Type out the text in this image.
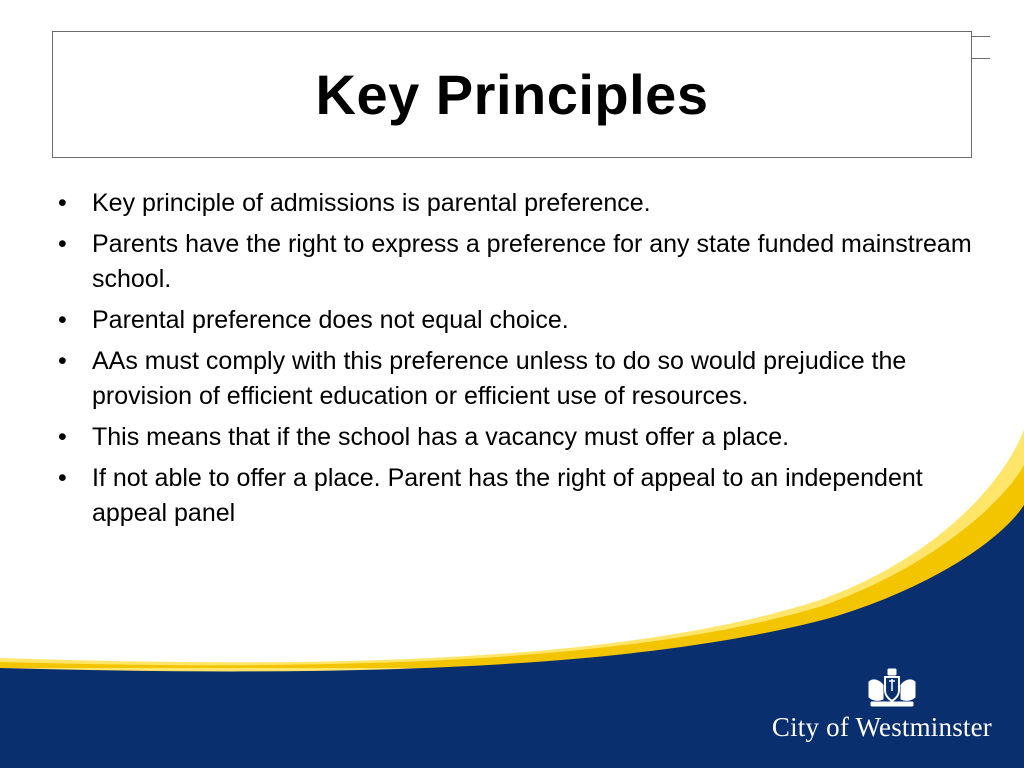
Key Principles
• Key principle of admissions is parental preference.
• Parents have the right to express a preference for any state funded mainstream school.
• Parental preference does not equal choice.
• AAs must comply with this preference unless to do so would prejudice the provision of efficient education or efficient use of resources.
• This means that if the school has a vacancy must offer a place.
• If not able to offer a place. Parent has the right of appeal to an independent appeal panel
City of Westminster
